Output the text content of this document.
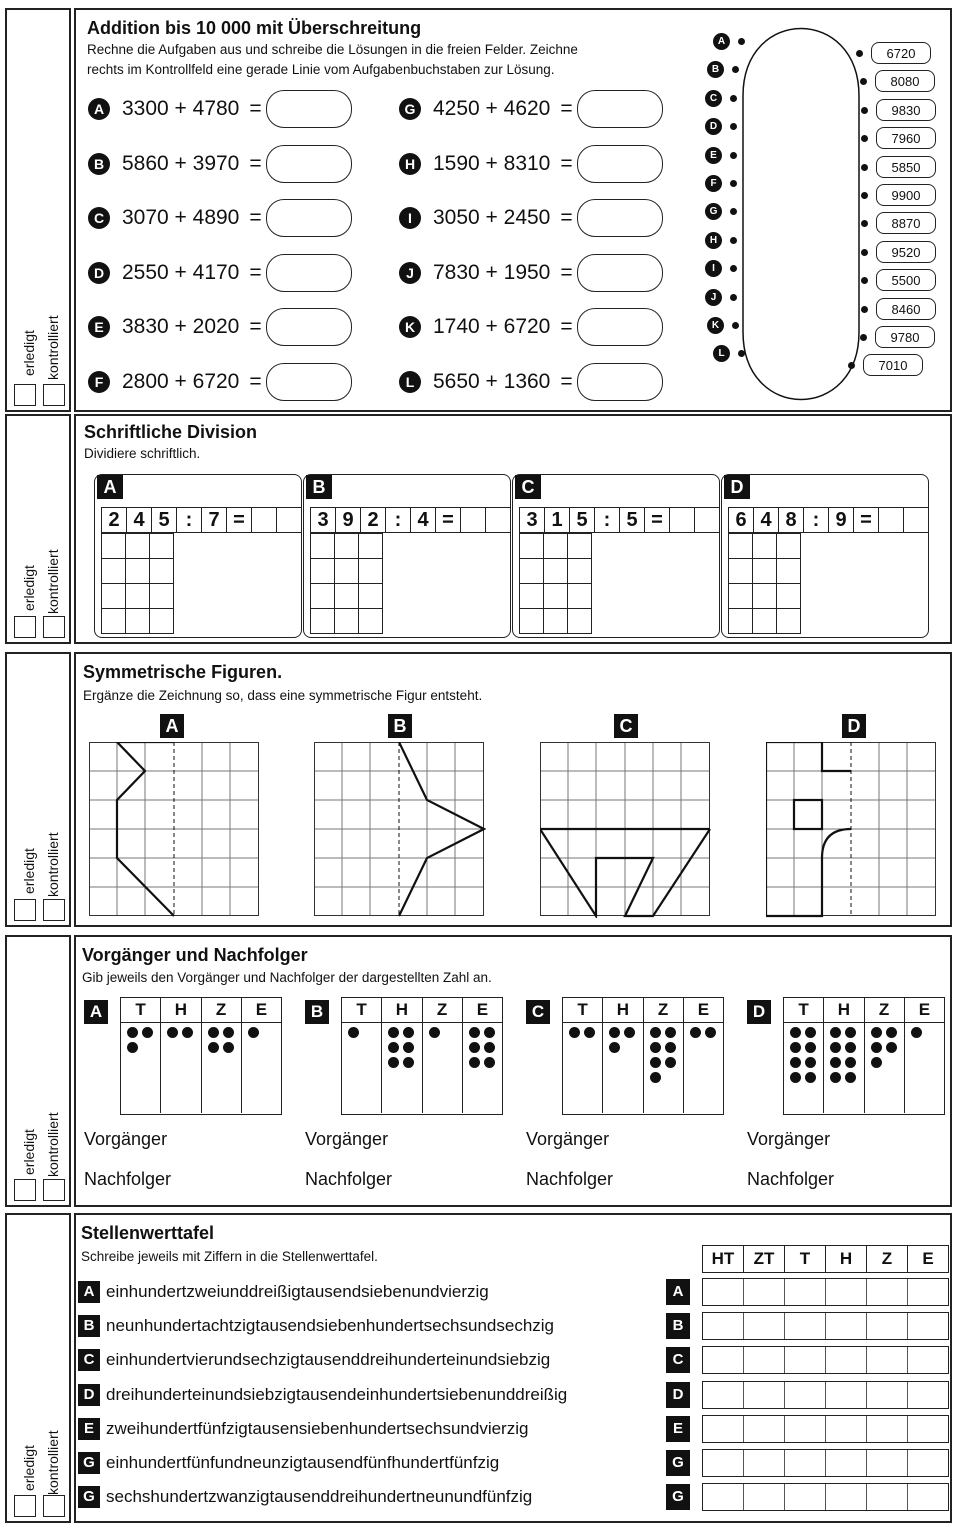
erledigt kontrolliert
Addition bis 10 000 mit Überschreitung
Rechne die Aufgaben aus und schreibe die Lösungen in die freien Felder. Zeichne
rechts im Kontrollfeld eine gerade Linie vom Aufgabenbuchstaben zur Lösung.
A 3300 + 4780 =
B 5860 + 3970 =
C 3070 + 4890 =
D 2550 + 4170 =
E 3830 + 2020 =
F 2800 + 6720 =
G 4250 + 4620 =
H 1590 + 8310 =
I	3050 + 2450 =
J 7830 + 1950 =
K 1740 + 6720 =
L 5650 + 1360 =
A
B
C
D
E
F
G
H
I
J
K
L
6720
8080
9830
7960
5850
9900
8870
9520
5500
8460
9780
7010
erledigt kontrolliert
Schriftliche Division
Dividiere schriftlich.
A
2 4 5 : 7 =
B
3 9 2 : 4 =
C
3 1 5 : 5 =
D
6 4 8 : 9 =
erledigt kontrolliert
Symmetrische Figuren.
Ergänze die Zeichnung so, dass eine symmetrische Figur entsteht.
A	B	C	D
erledigt kontrolliert
Vorgänger und Nachfolger
Gib jeweils den Vorgänger und Nachfolger der dargestellten Zahl an.
A	T	H	Z	E
Vorgänger
Nachfolger
B	T	H	Z	E
Vorgänger
Nachfolger
C	T	H	Z	E
Vorgänger
Nachfolger
D	T	H	Z	E
Vorgänger
Nachfolger
erledigt kontrolliert
Stellenwerttafel
Schreibe jeweils mit Ziffern in die Stellenwerttafel.	HT	ZT	T	H	Z	E
A einhundertzweiunddreißigtausendsiebenundvierzig	A
B neunhundertachtzigtausendsiebenhundertsechsundsechzig	B
C einhundertvierundsechzigtausenddreihunderteinundsiebzig	C
D dreihunderteinundsiebzigtausendeinhundertsiebenunddreißig	D
E zweihundertfünfzigtausensiebenhundertsechsundvierzig	E
G einhundertfünfundneunzigtausendfünfhundertfünfzig	G
G sechshundertzwanzigtausenddreihundertneunundfünfzig	G
